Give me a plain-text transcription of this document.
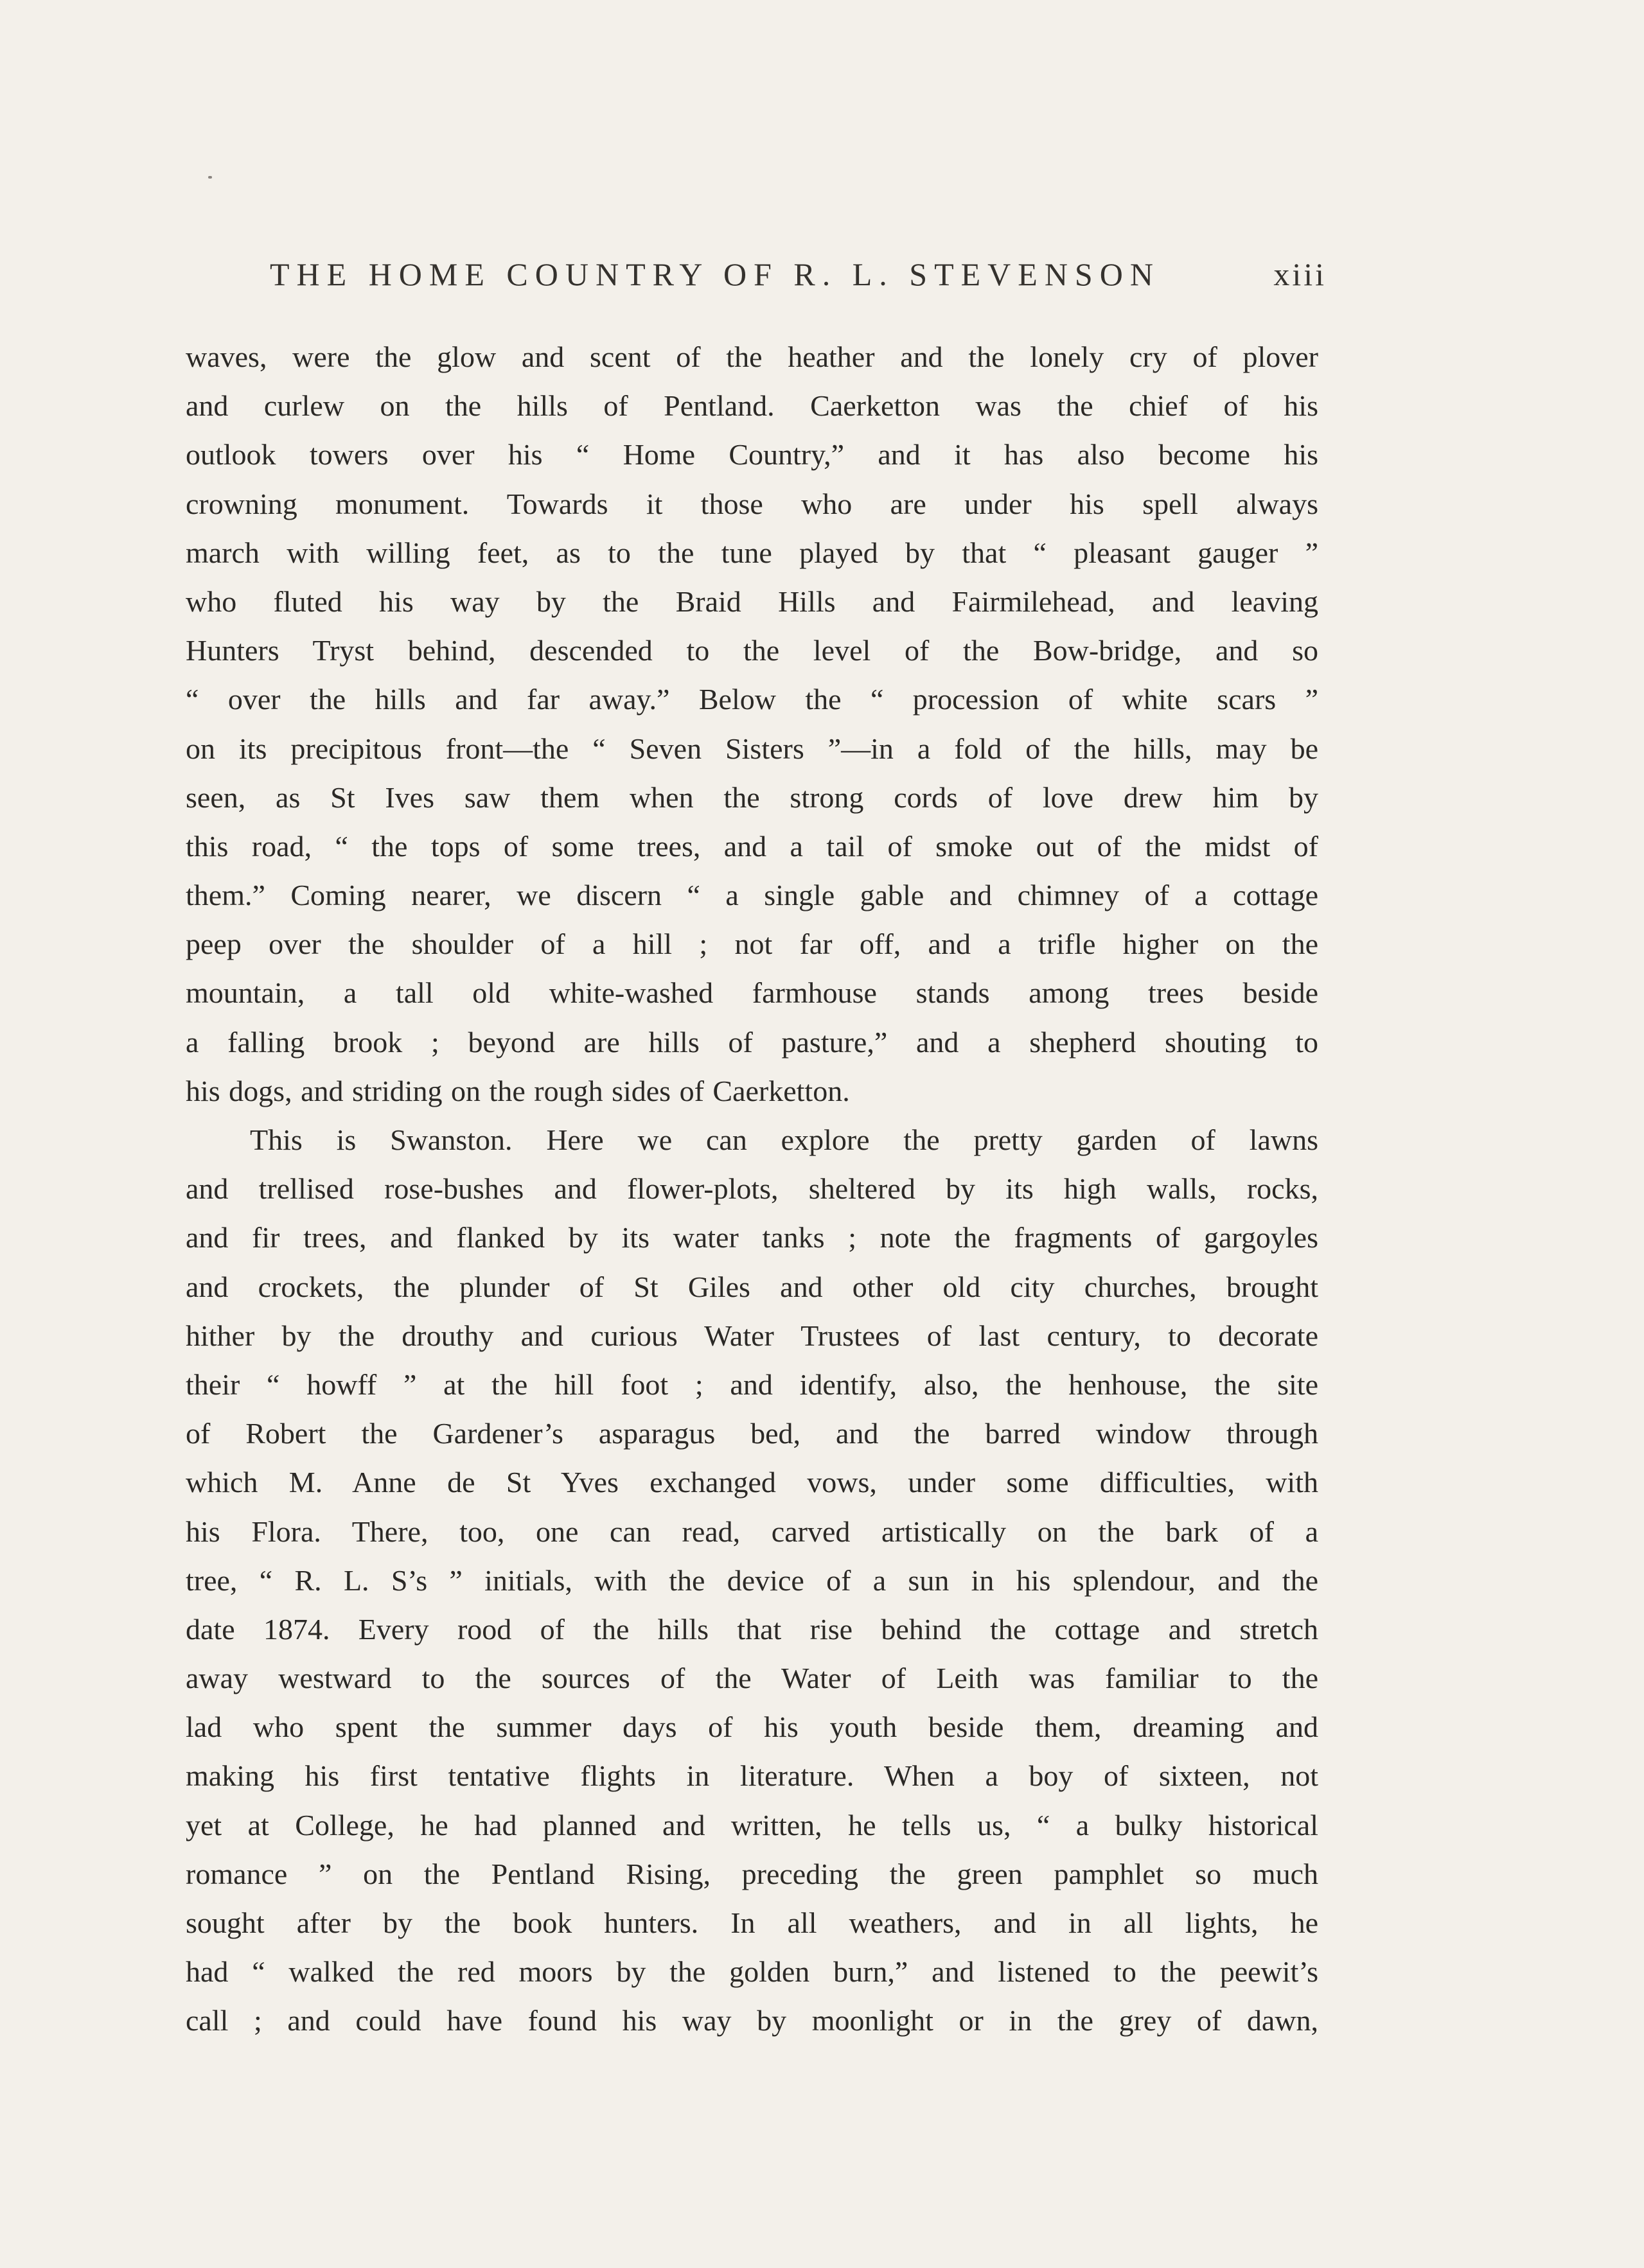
THE HOME COUNTRY OF R. L. STEVENSON	xiii
waves, were the glow and scent of the heather and the lonely cry of plover
and curlew on the hills of Pentland. Caerketton was the chief of his
outlook towers over his “ Home Country,” and it has also become his
crowning monument. Towards it those who are under his spell always
march with willing feet, as to the tune played by that “ pleasant gauger ”
who fluted his way by the Braid Hills and Fairmilehead, and leaving
Hunters Tryst behind, descended to the level of the Bow-bridge, and so
“ over the hills and far away.” Below the “ procession of white scars ”
on its precipitous front—the “ Seven Sisters ”—in a fold of the hills, may be
seen, as St Ives saw them when the strong cords of love drew him by
this road, “ the tops of some trees, and a tail of smoke out of the midst of
them.” Coming nearer, we discern “ a single gable and chimney of a cottage
peep over the shoulder of a hill ; not far off, and a trifle higher on the
mountain, a tall old white-washed farmhouse stands among trees beside
a falling brook ; beyond are hills of pasture,” and a shepherd shouting to
his dogs, and striding on the rough sides of Caerketton.
This is Swanston. Here we can explore the pretty garden of lawns
and trellised rose-bushes and flower-plots, sheltered by its high walls, rocks,
and fir trees, and flanked by its water tanks ; note the fragments of gargoyles
and crockets, the plunder of St Giles and other old city churches, brought
hither by the drouthy and curious Water Trustees of last century, to decorate
their “ howff ” at the hill foot ; and identify, also, the henhouse, the site
of Robert the Gardener’s asparagus bed, and the barred window through
which M. Anne de St Yves exchanged vows, under some difficulties, with
his Flora. There, too, one can read, carved artistically on the bark of a
tree, “ R. L. S’s ” initials, with the device of a sun in his splendour, and the
date 1874. Every rood of the hills that rise behind the cottage and stretch
away westward to the sources of the Water of Leith was familiar to the
lad who spent the summer days of his youth beside them, dreaming and
making his first tentative flights in literature. When a boy of sixteen, not
yet at College, he had planned and written, he tells us, “ a bulky historical
romance ” on the Pentland Rising, preceding the green pamphlet so much
sought after by the book hunters. In all weathers, and in all lights, he
had “ walked the red moors by the golden burn,” and listened to the peewit’s
call ; and could have found his way by moonlight or in the grey of dawn,
